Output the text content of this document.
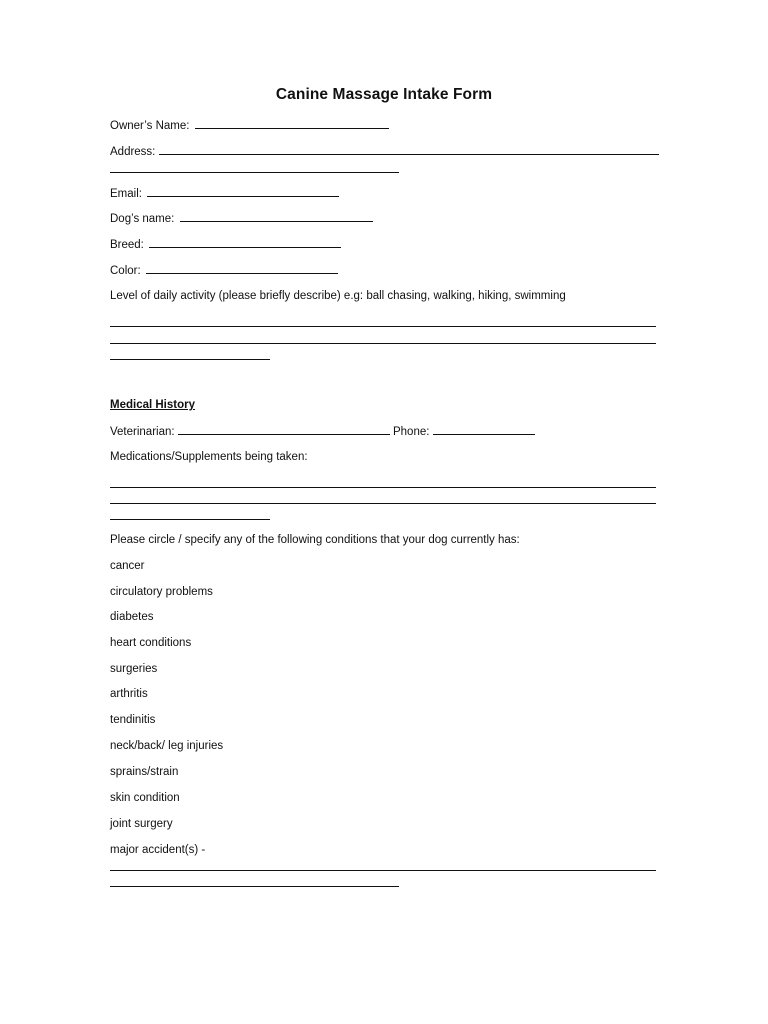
Canine Massage Intake Form

Owner’s Name:

Address:

Email:

Dog’s name:

Breed:

Color:

Level of daily activity (please briefly describe) e.g: ball chasing, walking, hiking, swimming

Medical History

Veterinarian:	Phone:

Medications/Supplements being taken:

Please circle / specify any of the following conditions that your dog currently has:

cancer

circulatory problems

diabetes

heart conditions

surgeries

arthritis

tendinitis

neck/back/ leg injuries

sprains/strain

skin condition

joint surgery

major accident(s) -
